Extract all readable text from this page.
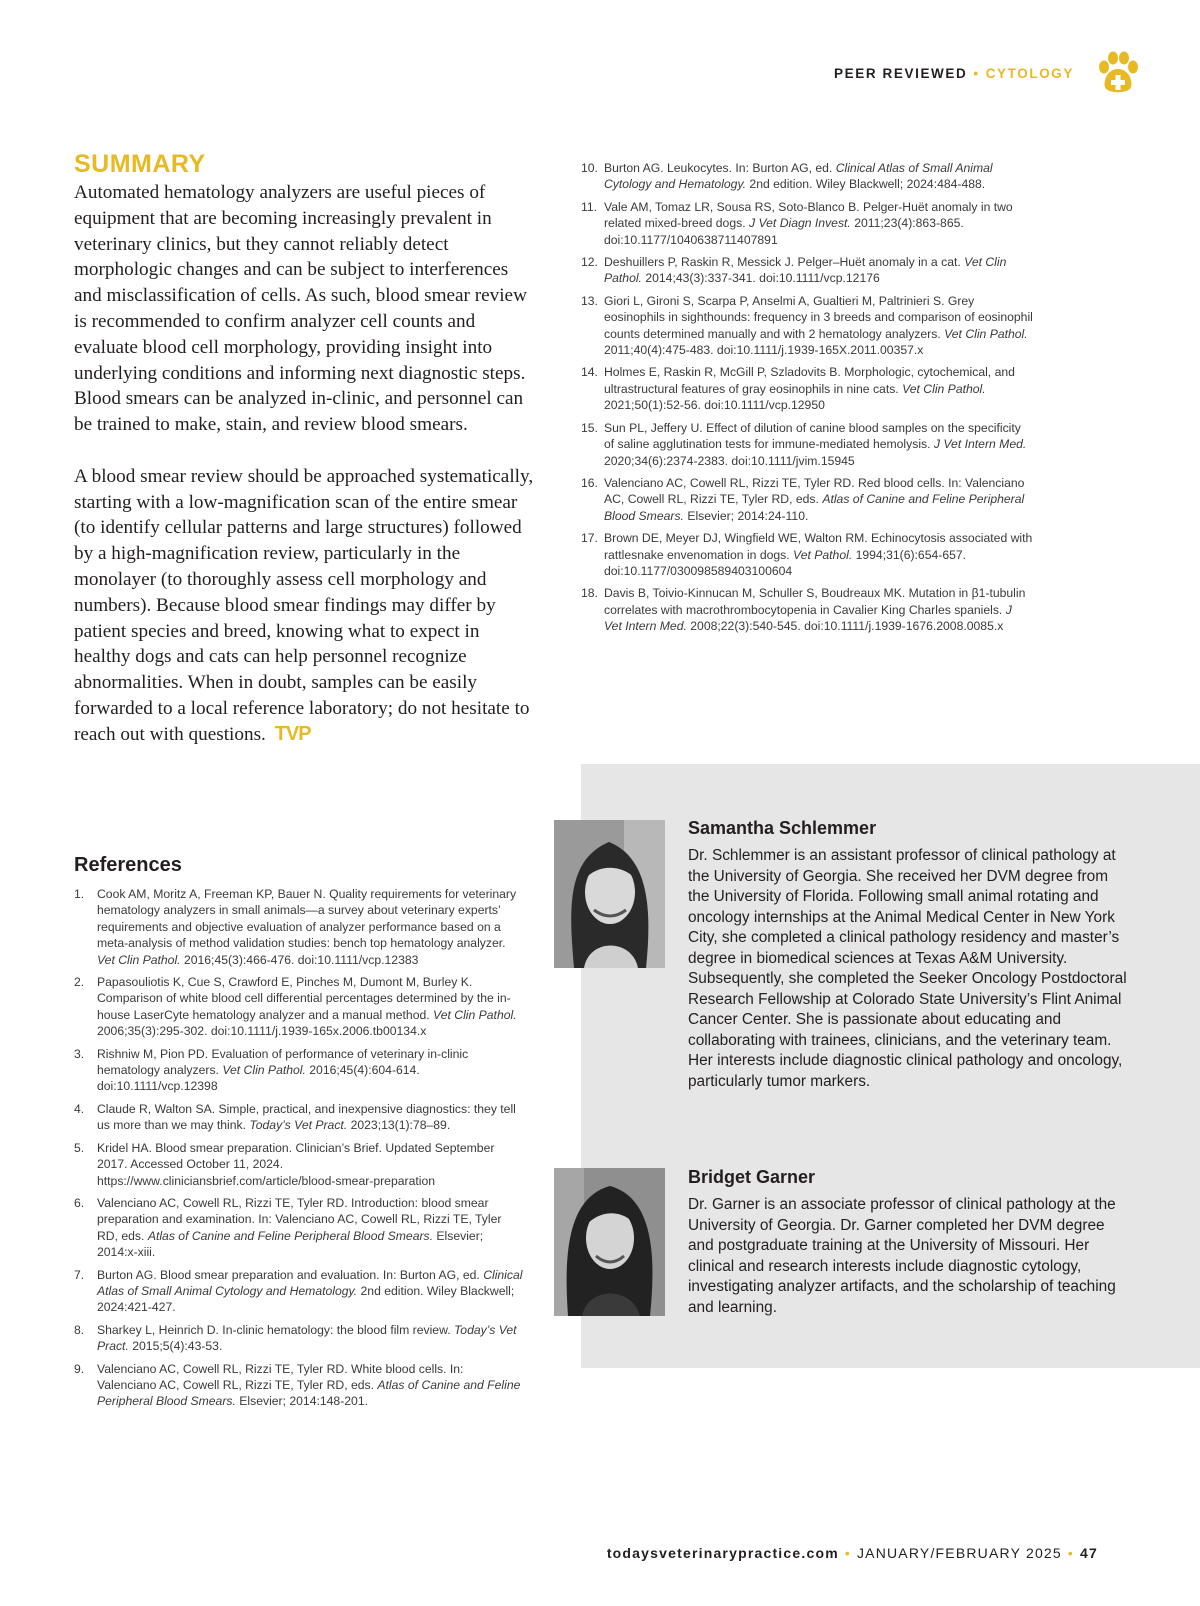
PEER REVIEWED • CYTOLOGY
SUMMARY

Automated hematology analyzers are useful pieces of equipment that are becoming increasingly prevalent in veterinary clinics, but they cannot reliably detect morphologic changes and can be subject to interferences and misclassification of cells. As such, blood smear review is recommended to confirm analyzer cell counts and evaluate blood cell morphology, providing insight into underlying conditions and informing next diagnostic steps. Blood smears can be analyzed in-clinic, and personnel can be trained to make, stain, and review blood smears.

A blood smear review should be approached systematically, starting with a low-magnification scan of the entire smear (to identify cellular patterns and large structures) followed by a high-magnification review, particularly in the monolayer (to thoroughly assess cell morphology and numbers). Because blood smear findings may differ by patient species and breed, knowing what to expect in healthy dogs and cats can help personnel recognize abnormalities. When in doubt, samples can be easily forwarded to a local reference laboratory; do not hesitate to reach out with questions. TVP

References
1. Cook AM, Moritz A, Freeman KP, Bauer N. Quality requirements for veterinary hematology analyzers in small animals—a survey about veterinary experts’ requirements and objective evaluation of analyzer performance based on a meta-analysis of method validation studies: bench top hematology analyzer. Vet Clin Pathol. 2016;45(3):466-476. doi:10.1111/vcp.12383
2. Papasouliotis K, Cue S, Crawford E, Pinches M, Dumont M, Burley K. Comparison of white blood cell differential percentages determined by the in-house LaserCyte hematology analyzer and a manual method. Vet Clin Pathol. 2006;35(3):295-302. doi:10.1111/j.1939-165x.2006.tb00134.x
3. Rishniw M, Pion PD. Evaluation of performance of veterinary in-clinic hematology analyzers. Vet Clin Pathol. 2016;45(4):604-614. doi:10.1111/vcp.12398
4. Claude R, Walton SA. Simple, practical, and inexpensive diagnostics: they tell us more than we may think. Today’s Vet Pract. 2023;13(1):78–89.
5. Kridel HA. Blood smear preparation. Clinician’s Brief. Updated September 2017. Accessed October 11, 2024. https://www.cliniciansbrief.com/article/blood-smear-preparation
6. Valenciano AC, Cowell RL, Rizzi TE, Tyler RD. Introduction: blood smear preparation and examination. In: Valenciano AC, Cowell RL, Rizzi TE, Tyler RD, eds. Atlas of Canine and Feline Peripheral Blood Smears. Elsevier; 2014:x-xiii.
7. Burton AG. Blood smear preparation and evaluation. In: Burton AG, ed. Clinical Atlas of Small Animal Cytology and Hematology. 2nd edition. Wiley Blackwell; 2024:421-427.
8. Sharkey L, Heinrich D. In-clinic hematology: the blood film review. Today’s Vet Pract. 2015;5(4):43-53.
9. Valenciano AC, Cowell RL, Rizzi TE, Tyler RD. White blood cells. In: Valenciano AC, Cowell RL, Rizzi TE, Tyler RD, eds. Atlas of Canine and Feline Peripheral Blood Smears. Elsevier; 2014:148-201.
10. Burton AG. Leukocytes. In: Burton AG, ed. Clinical Atlas of Small Animal Cytology and Hematology. 2nd edition. Wiley Blackwell; 2024:484-488.
11. Vale AM, Tomaz LR, Sousa RS, Soto-Blanco B. Pelger-Huët anomaly in two related mixed-breed dogs. J Vet Diagn Invest. 2011;23(4):863-865. doi:10.1177/1040638711407891
12. Deshuillers P, Raskin R, Messick J. Pelger–Huët anomaly in a cat. Vet Clin Pathol. 2014;43(3):337-341. doi:10.1111/vcp.12176
13. Giori L, Gironi S, Scarpa P, Anselmi A, Gualtieri M, Paltrinieri S. Grey eosinophils in sighthounds: frequency in 3 breeds and comparison of eosinophil counts determined manually and with 2 hematology analyzers. Vet Clin Pathol. 2011;40(4):475-483. doi:10.1111/j.1939-165X.2011.00357.x
14. Holmes E, Raskin R, McGill P, Szladovits B. Morphologic, cytochemical, and ultrastructural features of gray eosinophils in nine cats. Vet Clin Pathol. 2021;50(1):52-56. doi:10.1111/vcp.12950
15. Sun PL, Jeffery U. Effect of dilution of canine blood samples on the specificity of saline agglutination tests for immune-mediated hemolysis. J Vet Intern Med. 2020;34(6):2374-2383. doi:10.1111/jvim.15945
16. Valenciano AC, Cowell RL, Rizzi TE, Tyler RD. Red blood cells. In: Valenciano AC, Cowell RL, Rizzi TE, Tyler RD, eds. Atlas of Canine and Feline Peripheral Blood Smears. Elsevier; 2014:24-110.
17. Brown DE, Meyer DJ, Wingfield WE, Walton RM. Echinocytosis associated with rattlesnake envenomation in dogs. Vet Pathol. 1994;31(6):654-657. doi:10.1177/030098589403100604
18. Davis B, Toivio-Kinnucan M, Schuller S, Boudreaux MK. Mutation in β1-tubulin correlates with macrothrombocytopenia in Cavalier King Charles spaniels. J Vet Intern Med. 2008;22(3):540-545. doi:10.1111/j.1939-1676.2008.0085.x
Samantha Schlemmer
Dr. Schlemmer is an assistant professor of clinical pathology at the University of Georgia. She received her DVM degree from the University of Florida. Following small animal rotating and oncology internships at the Animal Medical Center in New York City, she completed a clinical pathology residency and master’s degree in biomedical sciences at Texas A&M University. Subsequently, she completed the Seeker Oncology Postdoctoral Research Fellowship at Colorado State University’s Flint Animal Cancer Center. She is passionate about educating and collaborating with trainees, clinicians, and the veterinary team. Her interests include diagnostic clinical pathology and oncology, particularly tumor markers.
Bridget Garner
Dr. Garner is an associate professor of clinical pathology at the University of Georgia. Dr. Garner completed her DVM degree and postgraduate training at the University of Missouri. Her clinical and research interests include diagnostic cytology, investigating analyzer artifacts, and the scholarship of teaching and learning.
todaysveterinarypractice.com • JANUARY/FEBRUARY 2025 • 47
